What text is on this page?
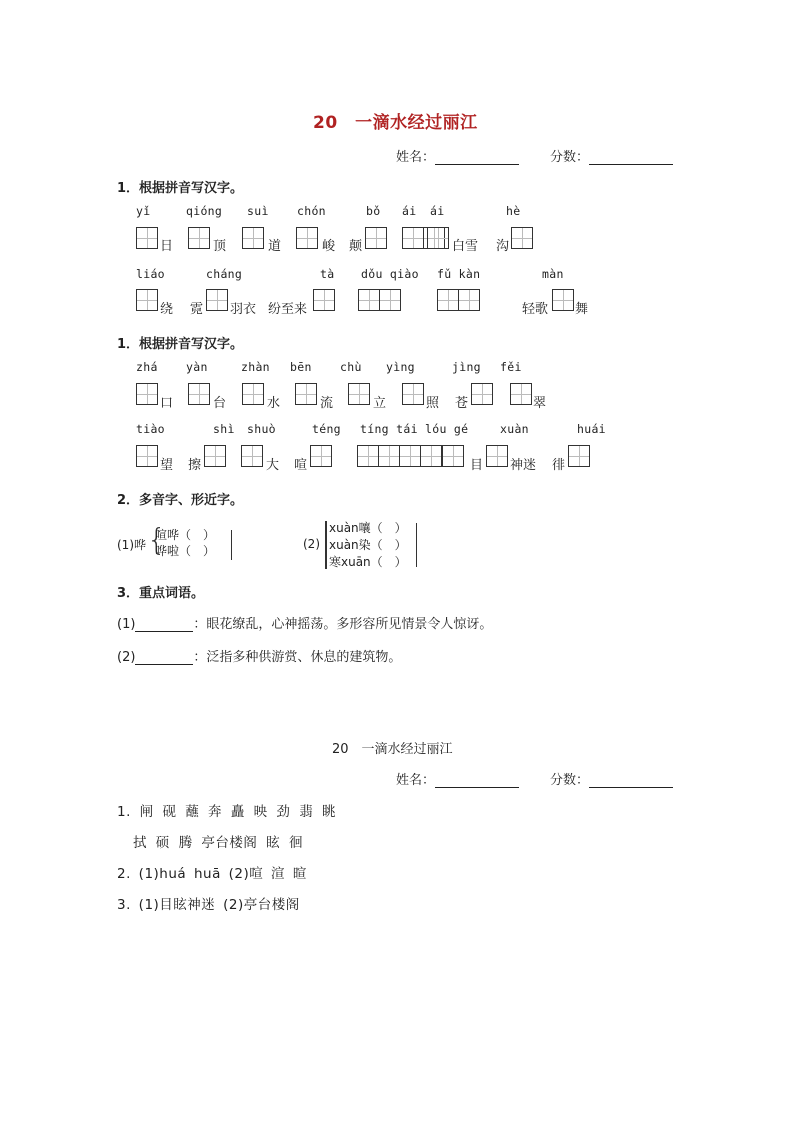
20　一滴水经过丽江
姓名：	分数：
1．根据拼音写汉字。
yǐ	qióng suì chón	bǒ ái ái	hè
日	顶	道	峻 颠	白雪 沟
liáo	cháng	tà dǒu qiào fǔ kàn	màn
绕 霓 羽衣 纷至来	轻歌 舞
1．根据拼音写汉字。
zhá yàn	zhàn bēn chù yìng	jìng fěi
口	台	水	流	立	照 苍	翠
tiào	shì shuò	téng tíng tái lóu gé	xuàn	huái
望 擦	大 喧	目 神迷 徘
2．多音字、形近字。
(1)哗 {
喧哗（　）
哗啦（　）	(2)
xuàn嚷（　）
xuàn染（　）
寒xuān（　）
3．重点词语。
(1)	：眼花缭乱，心神摇荡。多形容所见情景令人惊讶。
(2)	：泛指多种供游赏、休息的建筑物。
20　一滴水经过丽江
姓名：	分数：
1. 闸 砚 蘸 奔 矗 映 劲 翡 眺
拭 硕 腾 亭台楼阁 眩 徊
2. (1)huá huā (2)喧 渲 暄
3. (1)目眩神迷 (2)亭台楼阁
